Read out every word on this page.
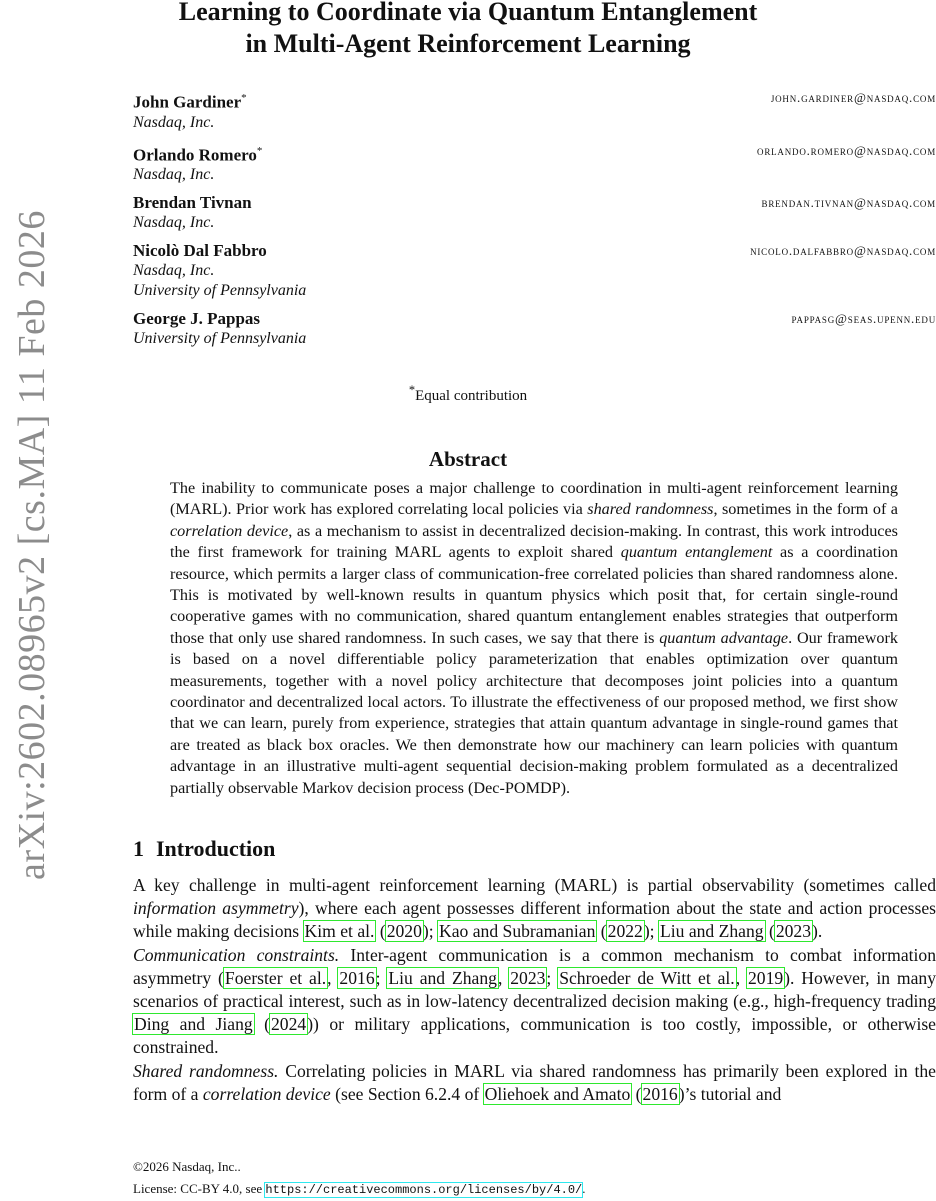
arXiv:2602.08965v2 [cs.MA] 11 Feb 2026
Learning to Coordinate via Quantum Entanglement
in Multi-Agent Reinforcement Learning
John Gardiner*
Nasdaq, Inc.
john.gardiner@nasdaq.com
Orlando Romero*
Nasdaq, Inc.
orlando.romero@nasdaq.com
Brendan Tivnan
Nasdaq, Inc.
brendan.tivnan@nasdaq.com
Nicolò Dal Fabbro
Nasdaq, Inc.
University of Pennsylvania
nicolo.dalfabbro@nasdaq.com
George J. Pappas
University of Pennsylvania
pappasg@seas.upenn.edu
*Equal contribution
Abstract
The inability to communicate poses a major challenge to coordination in multi-agent reinforcement learning (MARL). Prior work has explored correlating local policies via shared randomness, sometimes in the form of a correlation device, as a mechanism to assist in decentralized decision-making. In contrast, this work introduces the first framework for training MARL agents to exploit shared quantum entanglement as a coordination resource, which permits a larger class of communication-free correlated policies than shared randomness alone. This is motivated by well-known results in quantum physics which posit that, for certain single-round cooperative games with no communication, shared quantum entanglement enables strategies that outperform those that only use shared randomness. In such cases, we say that there is quantum advantage. Our framework is based on a novel differentiable policy parameterization that enables optimization over quantum measurements, together with a novel policy architecture that decomposes joint policies into a quantum coordinator and decentralized local actors. To illustrate the effectiveness of our proposed method, we first show that we can learn, purely from experience, strategies that attain quantum advantage in single-round games that are treated as black box oracles. We then demonstrate how our machinery can learn policies with quantum advantage in an illustrative multi-agent sequential decision-making problem formulated as a decentralized partially observable Markov decision process (Dec-POMDP).
1 Introduction

A key challenge in multi-agent reinforcement learning (MARL) is partial observability (sometimes called information asymmetry), where each agent possesses different information about the state and action processes while making decisions Kim et al. (2020); Kao and Subramanian (2022); Liu and Zhang (2023).

Communication constraints. Inter-agent communication is a common mechanism to combat information asymmetry (Foerster et al., 2016; Liu and Zhang, 2023; Schroeder de Witt et al., 2019). However, in many scenarios of practical interest, such as in low-latency decentralized decision making (e.g., high-frequency trading Ding and Jiang (2024)) or military applications, communication is too costly, impossible, or otherwise constrained.

Shared randomness. Correlating policies in MARL via shared randomness has primarily been explored in the form of a correlation device (see Section 6.2.4 of Oliehoek and Amato (2016)’s tutorial and

©2026 Nasdaq, Inc..
License: CC-BY 4.0, see https://creativecommons.org/licenses/by/4.0/.
